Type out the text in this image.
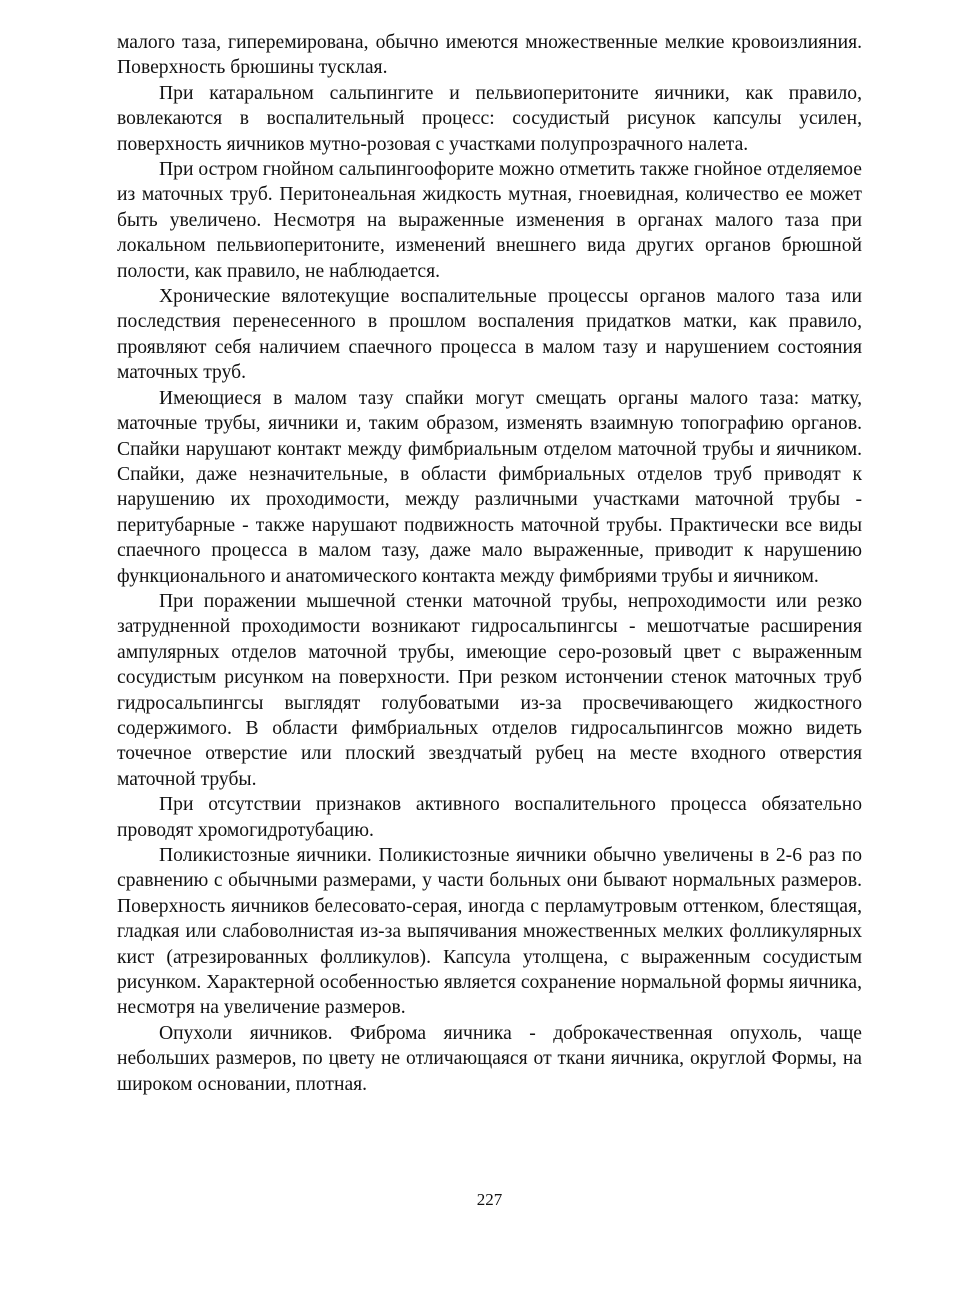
малого таза, гиперемирована, обычно имеются множественные мелкие кровоизлияния. Поверхность брюшины тусклая.

При катаральном сальпингите и пельвиоперитоните яичники, как правило, вовлекаются в воспалительный процесс: сосудистый рисунок капсулы усилен, поверхность яичников мутно-розовая с участками полупрозрачного налета.

При остром гнойном сальпингоофорите можно отметить также гнойное отделяемое из маточных труб. Перитонеальная жидкость мутная, гноевидная, количество ее может быть увеличено. Несмотря на выраженные изменения в органах малого таза при локальном пельвиоперитоните, изменений внешнего вида других органов брюшной полости, как правило, не наблюдается.

Хронические вялотекущие воспалительные процессы органов малого таза или последствия перенесенного в прошлом воспаления придатков матки, как правило, проявляют себя наличием спаечного процесса в малом тазу и нарушением состояния маточных труб.

Имеющиеся в малом тазу спайки могут смещать органы малого таза: матку, маточные трубы, яичники и, таким образом, изменять взаимную топографию органов. Спайки нарушают контакт между фимбриальным отделом маточной трубы и яичником. Спайки, даже незначительные, в области фимбриальных отделов труб приводят к нарушению их проходимости, между различными участками маточной трубы - перитубарные - также нарушают подвижность маточной трубы. Практически все виды спаечного процесса в малом тазу, даже мало выраженные, приводит к нарушению функционального и анатомического контакта между фимбриями трубы и яичником.

При поражении мышечной стенки маточной трубы, непроходимости или резко затрудненной проходимости возникают гидросальпингсы - мешотчатые расширения ампулярных отделов маточной трубы, имеющие серо-розовый цвет с выраженным сосудистым рисунком на поверхности. При резком истончении стенок маточных труб гидросальпингсы выглядят голубоватыми из-за просвечивающего жидкостного содержимого. В области фимбриальных отделов гидросальпингсов можно видеть точечное отверстие или плоский звездчатый рубец на месте входного отверстия маточной трубы.

При отсутствии признаков активного воспалительного процесса обязательно проводят хромогидротубацию.

Поликистозные яичники. Поликистозные яичники обычно увеличены в 2-6 раз по сравнению с обычными размерами, у части больных они бывают нормальных размеров. Поверхность яичников белесовато-серая, иногда с перламутровым оттенком, блестящая, гладкая или слабоволнистая из-за выпячивания множественных мелких фолликулярных кист (атрезированных фолликулов). Капсула утолщена, с выраженным сосудистым рисунком. Характерной особенностью является сохранение нормальной формы яичника, несмотря на увеличение размеров.

Опухоли яичников. Фиброма яичника - доброкачественная опухоль, чаще небольших размеров, по цвету не отличающаяся от ткани яичника, округлой Формы, на широком основании, плотная.

227
